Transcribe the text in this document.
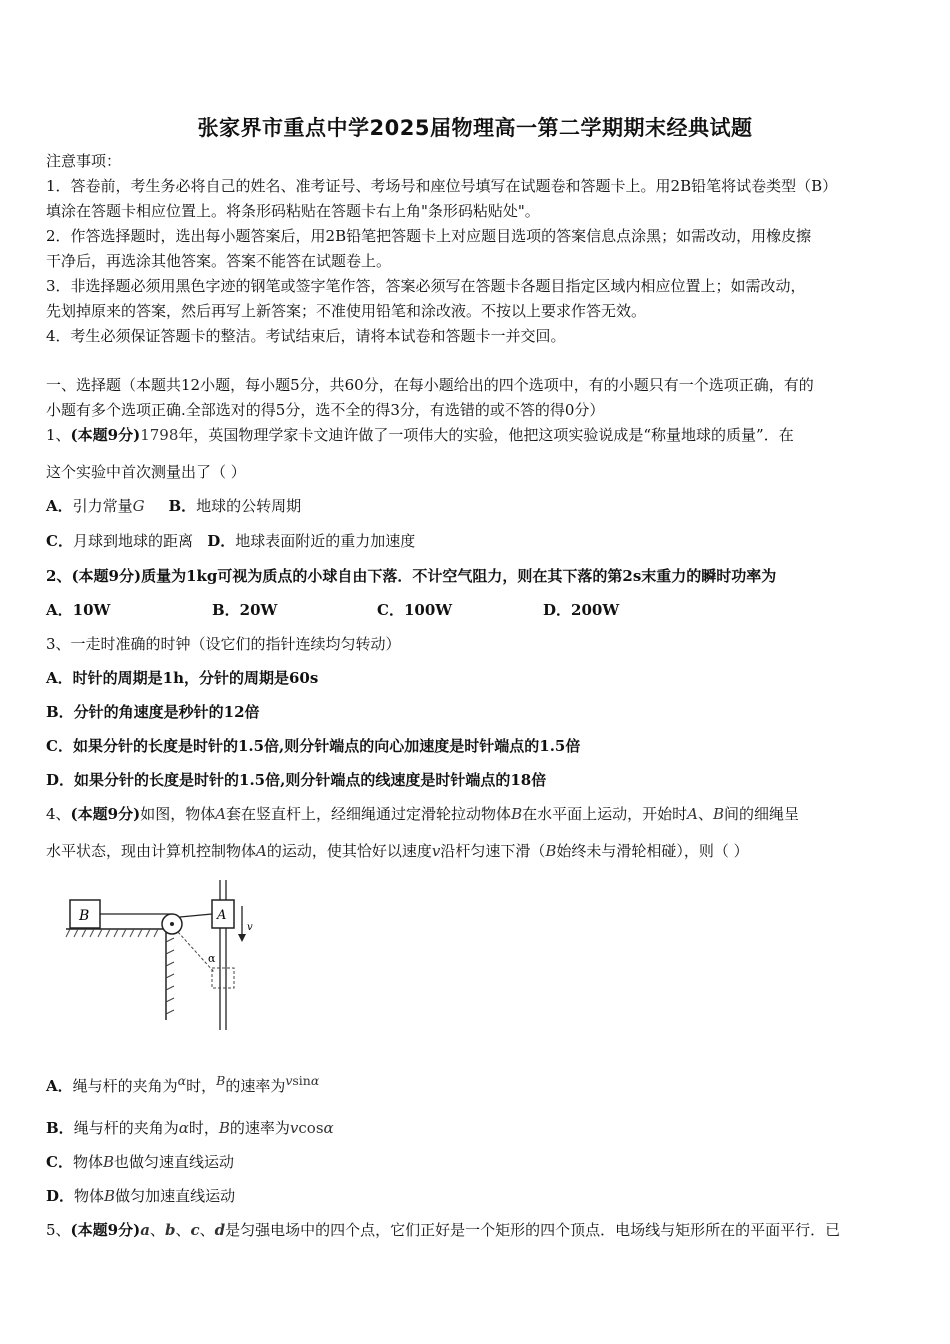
张家界市重点中学2025届物理高一第二学期期末经典试题
注意事项：
1．答卷前，考生务必将自己的姓名、准考证号、考场号和座位号填写在试题卷和答题卡上。用2B铅笔将试卷类型（B）
填涂在答题卡相应位置上。将条形码粘贴在答题卡右上角"条形码粘贴处"。
2．作答选择题时，选出每小题答案后，用2B铅笔把答题卡上对应题目选项的答案信息点涂黑；如需改动，用橡皮擦
干净后，再选涂其他答案。答案不能答在试题卷上。
3．非选择题必须用黑色字迹的钢笔或签字笔作答，答案必须写在答题卡各题目指定区域内相应位置上；如需改动，
先划掉原来的答案，然后再写上新答案；不准使用铅笔和涂改液。不按以上要求作答无效。
4．考生必须保证答题卡的整洁。考试结束后，请将本试卷和答题卡一并交回。
一、选择题（本题共12小题，每小题5分，共60分，在每小题给出的四个选项中，有的小题只有一个选项正确，有的
小题有多个选项正确.全部选对的得5分，选不全的得3分，有选错的或不答的得0分）
1、(本题9分)1798年，英国物理学家卡文迪许做了一项伟大的实验，他把这项实验说成是“称量地球的质量”．在
这个实验中首次测量出了（ ）
A．引力常量G B．地球的公转周期
C．月球到地球的距离 D．地球表面附近的重力加速度
2、(本题9分)质量为1kg可视为质点的小球自由下落．不计空气阻力，则在其下落的第2s末重力的瞬时功率为
A．10W	B．20W	C．100W	D．200W
3、一走时准确的时钟（设它们的指针连续均匀转动）
A．时针的周期是1h，分针的周期是60s
B．分针的角速度是秒针的12倍
C．如果分针的长度是时针的1.5倍,则分针端点的向心加速度是时针端点的1.5倍
D．如果分针的长度是时针的1.5倍,则分针端点的线速度是时针端点的18倍
4、(本题9分)如图，物体A套在竖直杆上，经细绳通过定滑轮拉动物体B在水平面上运动，开始时A、B间的细绳呈
水平状态，现由计算机控制物体A的运动，使其恰好以速度v沿杆匀速下滑（B始终未与滑轮相碰），则（ ）
B	A
α
v
A．绳与杆的夹角为$^\alpha$时，$^B$的速率为$^{vsin\alpha}$
B．绳与杆的夹角为α时，B的速率为vcosα
C．物体B也做匀速直线运动
D．物体B做匀加速直线运动
5、(本题9分)a、b、c、d是匀强电场中的四个点，它们正好是一个矩形的四个顶点．电场线与矩形所在的平面平行．已
